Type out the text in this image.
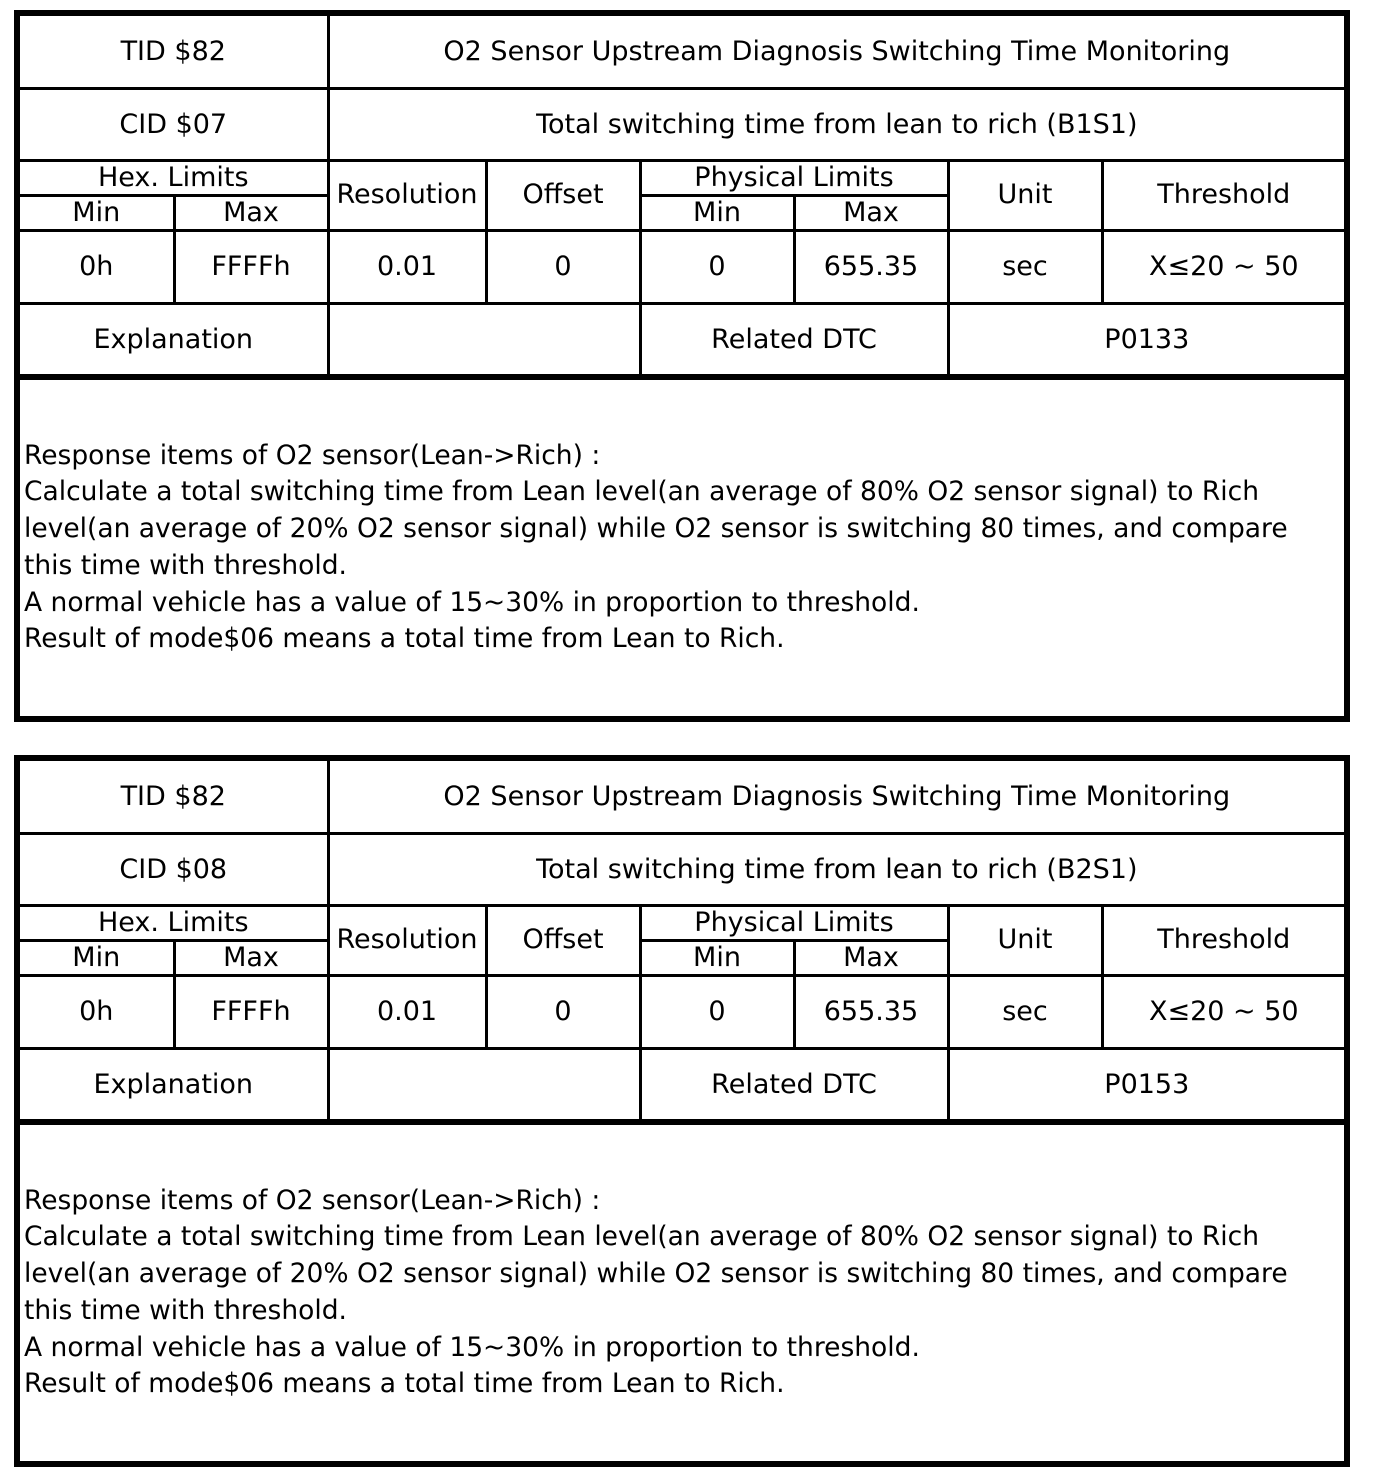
TID $82		O2 Sensor Upstream Diagnosis Switching Time Monitoring					
CID $07		Total switching time from lean to rich (B1S1)					
Hex. Limits		Resolution	Offset	Physical Limits		Unit	Threshold
Min	Max			Min	Max		
0h	FFFFh	0.01	0	0	655.35	sec	X≤20 ~ 50
Explanation				Related DTC		P0133	

Response items of O2 sensor(Lean->Rich) :

Calculate a total switching time from Lean level(an average of 80% O2 sensor signal) to Rich level(an average of 20% O2 sensor signal) while O2 sensor is switching 80 times, and compare this time with threshold.

A normal vehicle has a value of 15~30% in proportion to threshold.

Result of mode$06 means a total time from Lean to Rich.

TID $82		O2 Sensor Upstream Diagnosis Switching Time Monitoring					
CID $08		Total switching time from lean to rich (B2S1)					
Hex. Limits		Resolution	Offset	Physical Limits		Unit	Threshold
Min	Max			Min	Max		
0h	FFFFh	0.01	0	0	655.35	sec	X≤20 ~ 50
Explanation				Related DTC		P0153	

Response items of O2 sensor(Lean->Rich) :

Calculate a total switching time from Lean level(an average of 80% O2 sensor signal) to Rich level(an average of 20% O2 sensor signal) while O2 sensor is switching 80 times, and compare this time with threshold.

A normal vehicle has a value of 15~30% in proportion to threshold.

Result of mode$06 means a total time from Lean to Rich.
